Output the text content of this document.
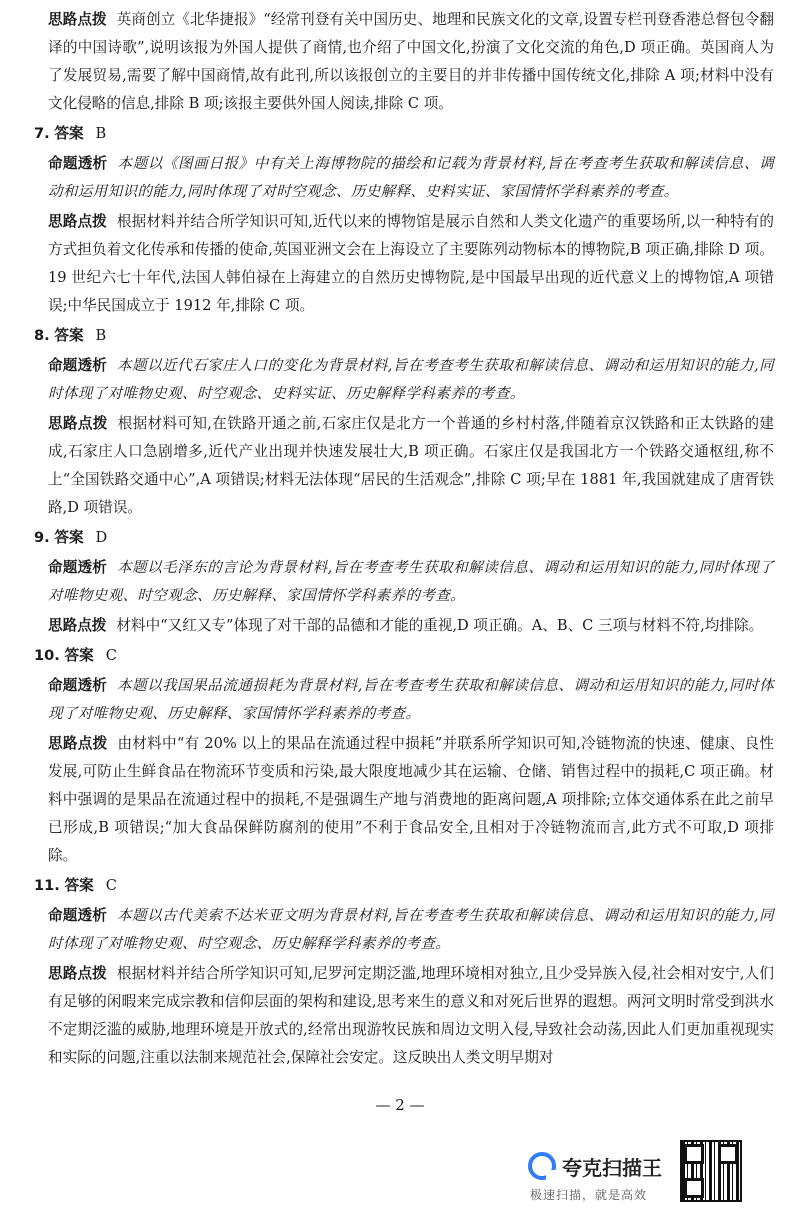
思路点拨 英商创立《北华捷报》“经常刊登有关中国历史、地理和民族文化的文章,设置专栏刊登香港总督包令翻译的中国诗歌”,说明该报为外国人提供了商情,也介绍了中国文化,扮演了文化交流的角色,D 项正确。英国商人为了发展贸易,需要了解中国商情,故有此刊,所以该报创立的主要目的并非传播中国传统文化,排除 A 项;材料中没有文化侵略的信息,排除 B 项;该报主要供外国人阅读,排除 C 项。

7. 答案 B

命题透析 本题以《图画日报》中有关上海博物院的描绘和记载为背景材料,旨在考查考生获取和解读信息、调动和运用知识的能力,同时体现了对时空观念、历史解释、史料实证、家国情怀学科素养的考查。

思路点拨 根据材料并结合所学知识可知,近代以来的博物馆是展示自然和人类文化遗产的重要场所,以一种特有的方式担负着文化传承和传播的使命,英国亚洲文会在上海设立了主要陈列动物标本的博物院,B 项正确,排除 D 项。19 世纪六七十年代,法国人韩伯禄在上海建立的自然历史博物院,是中国最早出现的近代意义上的博物馆,A 项错误;中华民国成立于 1912 年,排除 C 项。

8. 答案 B

命题透析 本题以近代石家庄人口的变化为背景材料,旨在考查考生获取和解读信息、调动和运用知识的能力,同时体现了对唯物史观、时空观念、史料实证、历史解释学科素养的考查。

思路点拨 根据材料可知,在铁路开通之前,石家庄仅是北方一个普通的乡村村落,伴随着京汉铁路和正太铁路的建成,石家庄人口急剧增多,近代产业出现并快速发展壮大,B 项正确。石家庄仅是我国北方一个铁路交通枢纽,称不上“全国铁路交通中心”,A 项错误;材料无法体现“居民的生活观念”,排除 C 项;早在 1881 年,我国就建成了唐胥铁路,D 项错误。

9. 答案 D

命题透析 本题以毛泽东的言论为背景材料,旨在考查考生获取和解读信息、调动和运用知识的能力,同时体现了对唯物史观、时空观念、历史解释、家国情怀学科素养的考查。

思路点拨 材料中“又红又专”体现了对干部的品德和才能的重视,D 项正确。A、B、C 三项与材料不符,均排除。

10. 答案 C

命题透析 本题以我国果品流通损耗为背景材料,旨在考查考生获取和解读信息、调动和运用知识的能力,同时体现了对唯物史观、历史解释、家国情怀学科素养的考查。

思路点拨 由材料中“有 20% 以上的果品在流通过程中损耗”并联系所学知识可知,冷链物流的快速、健康、良性发展,可防止生鲜食品在物流环节变质和污染,最大限度地减少其在运输、仓储、销售过程中的损耗,C 项正确。材料中强调的是果品在流通过程中的损耗,不是强调生产地与消费地的距离问题,A 项排除;立体交通体系在此之前早已形成,B 项错误;“加大食品保鲜防腐剂的使用”不利于食品安全,且相对于冷链物流而言,此方式不可取,D 项排除。

11. 答案 C

命题透析 本题以古代美索不达米亚文明为背景材料,旨在考查考生获取和解读信息、调动和运用知识的能力,同时体现了对唯物史观、时空观念、历史解释学科素养的考查。

思路点拨 根据材料并结合所学知识可知,尼罗河定期泛滥,地理环境相对独立,且少受异族入侵,社会相对安宁,人们有足够的闲暇来完成宗教和信仰层面的架构和建设,思考来生的意义和对死后世界的遐想。两河文明时常受到洪水不定期泛滥的威胁,地理环境是开放式的,经常出现游牧民族和周边文明入侵,导致社会动荡,因此人们更加重视现实和实际的问题,注重以法制来规范社会,保障社会安定。这反映出人类文明早期对

— 2 —
夸克扫描王
极速扫描，就是高效
